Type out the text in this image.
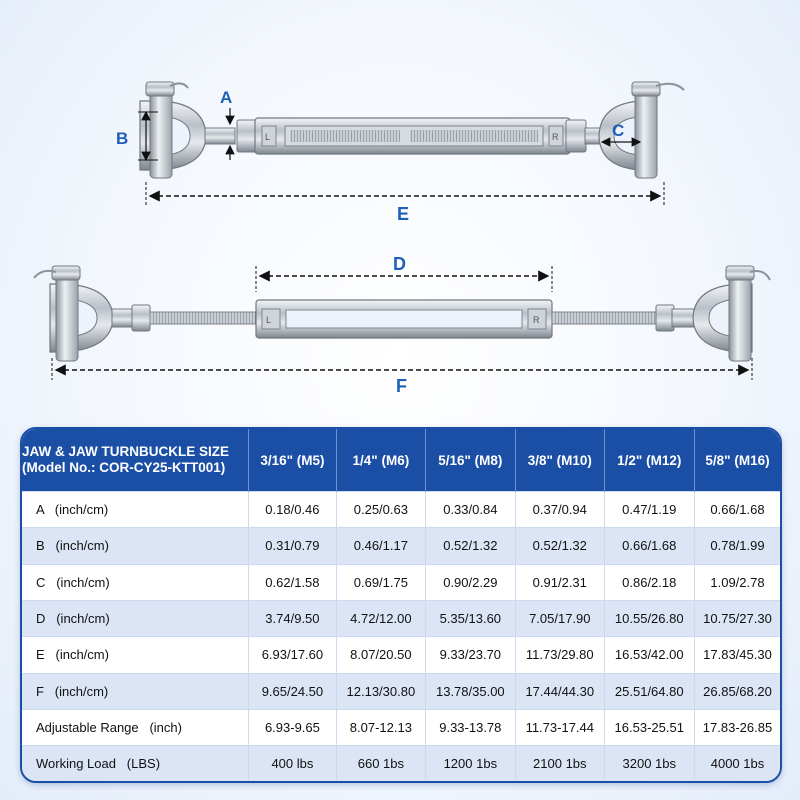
L	R
A
B	C
E
L	R
D
F
JAW & JAW TURNBUCKLE SIZE
(Model No.: COR-CY25-KTT001)	3/16" (M5)	1/4" (M6)	5/16" (M8)	3/8" (M10)	1/2" (M12)	5/8" (M16)
A   (inch/cm)	0.18/0.46	0.25/0.63	0.33/0.84	0.37/0.94	0.47/1.19	0.66/1.68
B   (inch/cm)	0.31/0.79	0.46/1.17	0.52/1.32	0.52/1.32	0.66/1.68	0.78/1.99
C   (inch/cm)	0.62/1.58	0.69/1.75	0.90/2.29	0.91/2.31	0.86/2.18	1.09/2.78
D   (inch/cm)	3.74/9.50	4.72/12.00	5.35/13.60	7.05/17.90	10.55/26.80	10.75/27.30
E   (inch/cm)	6.93/17.60	8.07/20.50	9.33/23.70	11.73/29.80	16.53/42.00	17.83/45.30
F   (inch/cm)	9.65/24.50	12.13/30.80	13.78/35.00	17.44/44.30	25.51/64.80	26.85/68.20
Adjustable Range   (inch)	6.93-9.65	8.07-12.13	9.33-13.78	11.73-17.44	16.53-25.51	17.83-26.85
Working Load   (LBS)	400 lbs	660 1bs	1200 1bs	2100 1bs	3200 1bs	4000 1bs
